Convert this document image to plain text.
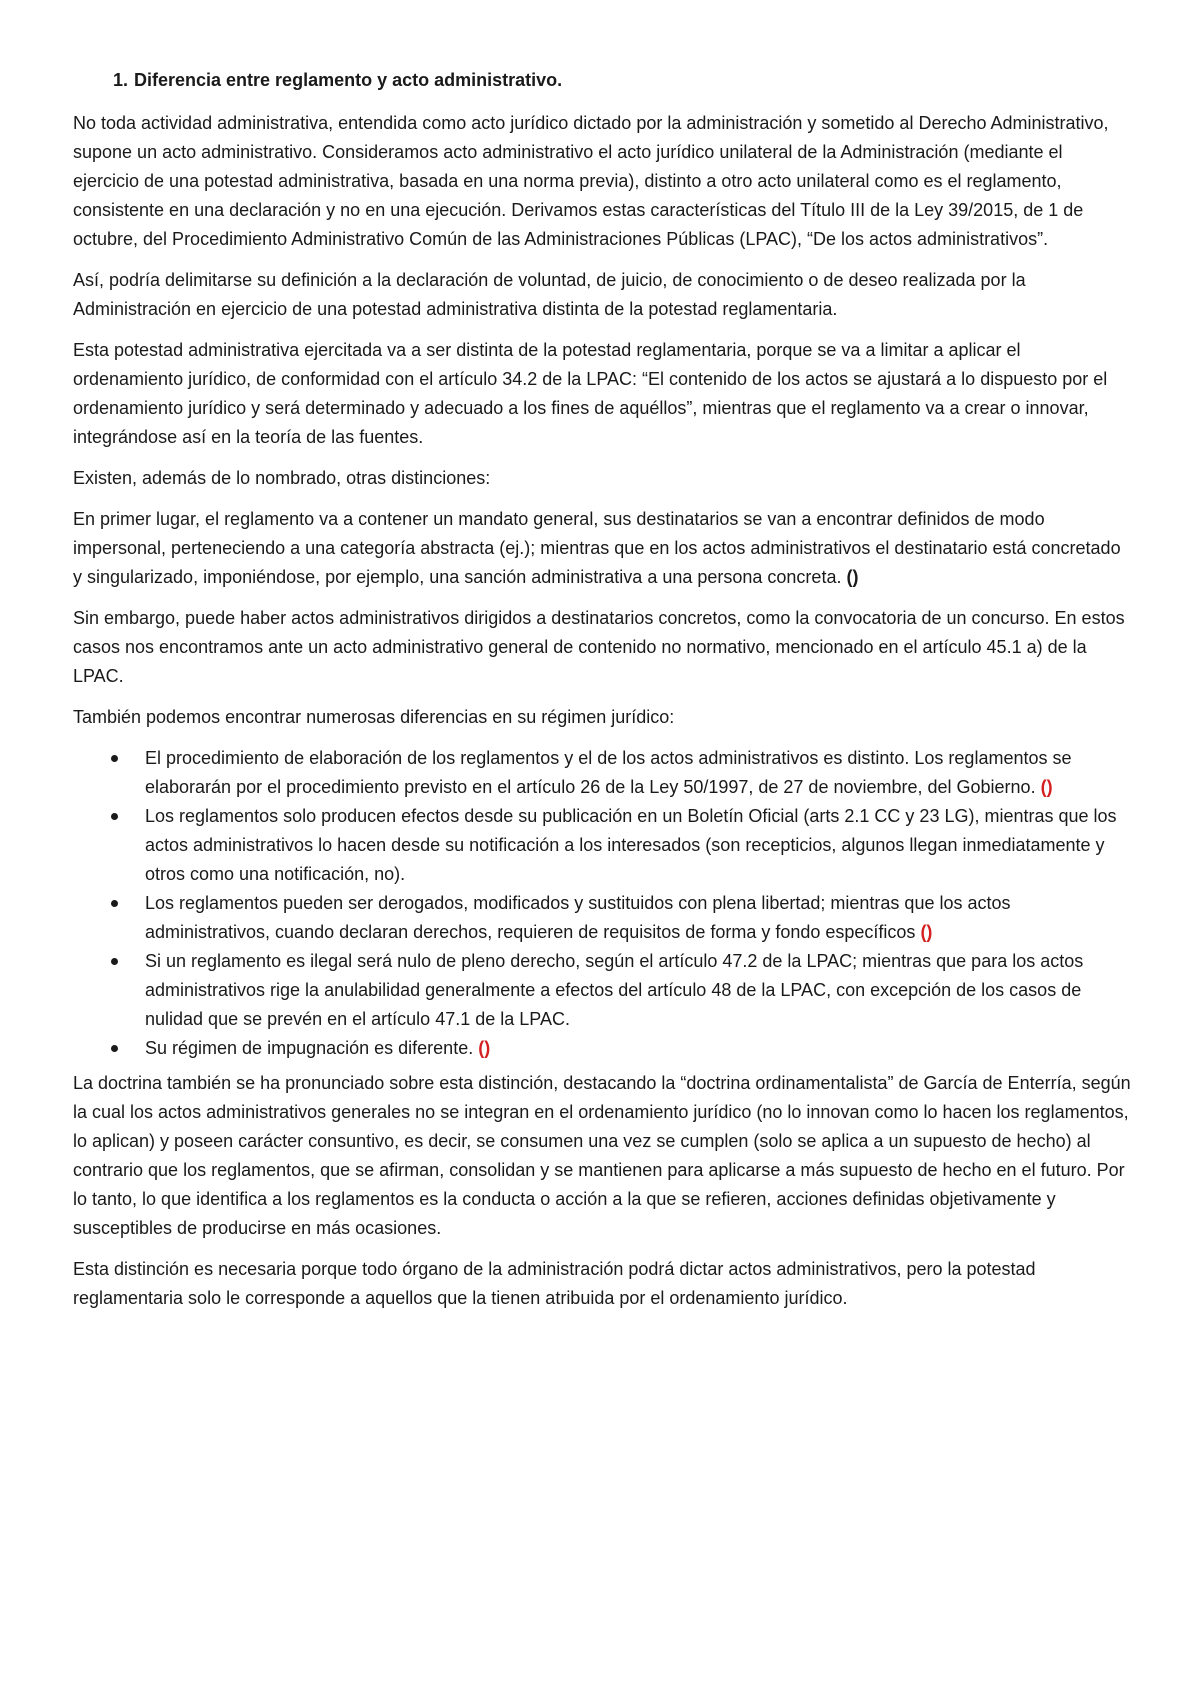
1. Diferencia entre reglamento y acto administrativo.

No toda actividad administrativa, entendida como acto jurídico dictado por la administración y sometido al Derecho Administrativo, supone un acto administrativo. Consideramos acto administrativo el acto jurídico unilateral de la Administración (mediante el ejercicio de una potestad administrativa, basada en una norma previa), distinto a otro acto unilateral como es el reglamento, consistente en una declaración y no en una ejecución. Derivamos estas características del Título III de la Ley 39/2015, de 1 de octubre, del Procedimiento Administrativo Común de las Administraciones Públicas (LPAC), “De los actos administrativos”.

Así, podría delimitarse su definición a la declaración de voluntad, de juicio, de conocimiento o de deseo realizada por la Administración en ejercicio de una potestad administrativa distinta de la potestad reglamentaria.

Esta potestad administrativa ejercitada va a ser distinta de la potestad reglamentaria, porque se va a limitar a aplicar el ordenamiento jurídico, de conformidad con el artículo 34.2 de la LPAC: “El contenido de los actos se ajustará a lo dispuesto por el ordenamiento jurídico y será determinado y adecuado a los fines de aquéllos”, mientras que el reglamento va a crear o innovar, integrándose así en la teoría de las fuentes.

Existen, además de lo nombrado, otras distinciones:

En primer lugar, el reglamento va a contener un mandato general, sus destinatarios se van a encontrar definidos de modo impersonal, perteneciendo a una categoría abstracta (ej.); mientras que en los actos administrativos el destinatario está concretado y singularizado, imponiéndose, por ejemplo, una sanción administrativa a una persona concreta. ()

Sin embargo, puede haber actos administrativos dirigidos a destinatarios concretos, como la convocatoria de un concurso. En estos casos nos encontramos ante un acto administrativo general de contenido no normativo, mencionado en el artículo 45.1 a) de la LPAC.

También podemos encontrar numerosas diferencias en su régimen jurídico:

El procedimiento de elaboración de los reglamentos y el de los actos administrativos es distinto. Los reglamentos se elaborarán por el procedimiento previsto en el artículo 26 de la Ley 50/1997, de 27 de noviembre, del Gobierno. ()
Los reglamentos solo producen efectos desde su publicación en un Boletín Oficial (arts 2.1 CC y 23 LG), mientras que los actos administrativos lo hacen desde su notificación a los interesados (son recepticios, algunos llegan inmediatamente y otros como una notificación, no).
Los reglamentos pueden ser derogados, modificados y sustituidos con plena libertad; mientras que los actos administrativos, cuando declaran derechos, requieren de requisitos de forma y fondo específicos ()
Si un reglamento es ilegal será nulo de pleno derecho, según el artículo 47.2 de la LPAC; mientras que para los actos administrativos rige la anulabilidad generalmente a efectos del artículo 48 de la LPAC, con excepción de los casos de nulidad que se prevén en el artículo 47.1 de la LPAC.
Su régimen de impugnación es diferente. ()

La doctrina también se ha pronunciado sobre esta distinción, destacando la “doctrina ordinamentalista” de García de Enterría, según la cual los actos administrativos generales no se integran en el ordenamiento jurídico (no lo innovan como lo hacen los reglamentos, lo aplican) y poseen carácter consuntivo, es decir, se consumen una vez se cumplen (solo se aplica a un supuesto de hecho) al contrario que los reglamentos, que se afirman, consolidan y se mantienen para aplicarse a más supuesto de hecho en el futuro. Por lo tanto, lo que identifica a los reglamentos es la conducta o acción a la que se refieren, acciones definidas objetivamente y susceptibles de producirse en más ocasiones.

Esta distinción es necesaria porque todo órgano de la administración podrá dictar actos administrativos, pero la potestad reglamentaria solo le corresponde a aquellos que la tienen atribuida por el ordenamiento jurídico.
